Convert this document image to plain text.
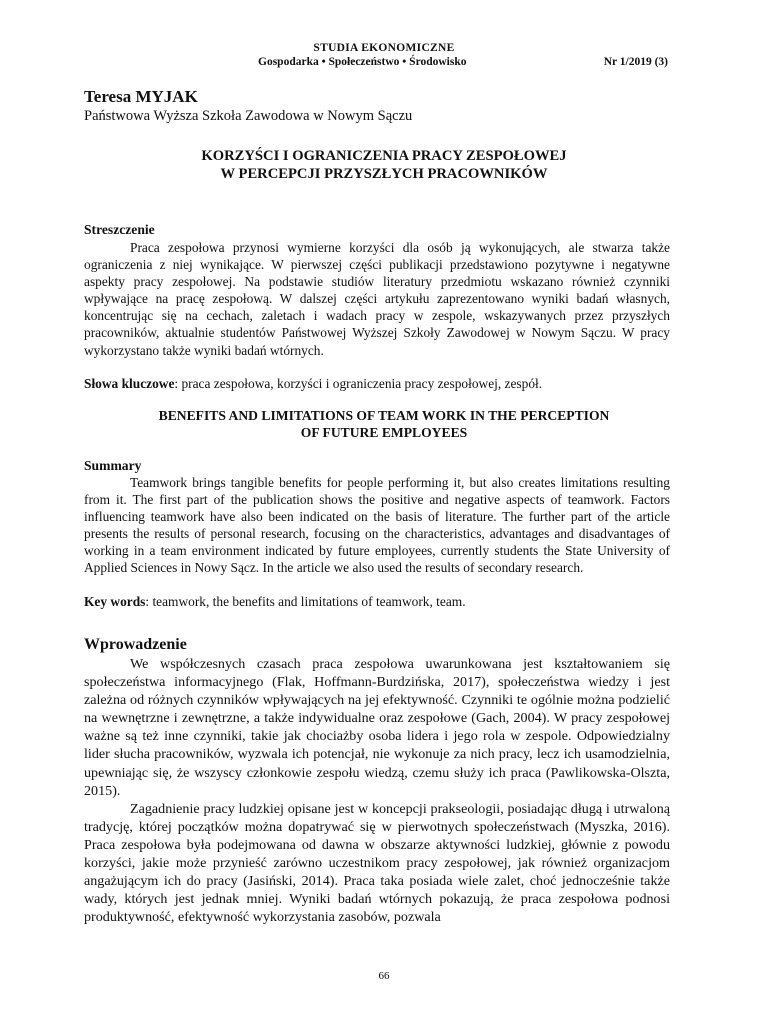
STUDIA EKONOMICZNE
Gospodarka • Społeczeństwo • Środowisko	Nr 1/2019 (3)
Teresa MYJAK
Państwowa Wyższa Szkoła Zawodowa w Nowym Sączu
KORZYŚCI I OGRANICZENIA PRACY ZESPOŁOWEJ
W PERCEPCJI PRZYSZŁYCH PRACOWNIKÓW
Streszczenie
Praca zespołowa przynosi wymierne korzyści dla osób ją wykonujących, ale stwarza także ograniczenia z niej wynikające. W pierwszej części publikacji przedstawiono pozytywne i negatywne aspekty pracy zespołowej. Na podstawie studiów literatury przedmiotu wskazano również czynniki wpływające na pracę zespołową. W dalszej części artykułu zaprezentowano wyniki badań własnych, koncentrując się na cechach, zaletach i wadach pracy w zespole, wskazywanych przez przyszłych pracowników, aktualnie studentów Państwowej Wyższej Szkoły Zawodowej w Nowym Sączu. W pracy wykorzystano także wyniki badań wtórnych.
Słowa kluczowe: praca zespołowa, korzyści i ograniczenia pracy zespołowej, zespół.
BENEFITS AND LIMITATIONS OF TEAM WORK IN THE PERCEPTION
OF FUTURE EMPLOYEES
Summary
Teamwork brings tangible benefits for people performing it, but also creates limitations resulting from it. The first part of the publication shows the positive and negative aspects of teamwork. Factors influencing teamwork have also been indicated on the basis of literature. The further part of the article presents the results of personal research, focusing on the characteristics, advantages and disadvantages of working in a team environment indicated by future employees, currently students the State University of Applied Sciences in Nowy Sącz. In the article we also used the results of secondary research.
Key words: teamwork, the benefits and limitations of teamwork, team.
Wprowadzenie

We współczesnych czasach praca zespołowa uwarunkowana jest kształtowaniem się społeczeństwa informacyjnego (Flak, Hoffmann-Burdzińska, 2017), społeczeństwa wiedzy i jest zależna od różnych czynników wpływających na jej efektywność. Czynniki te ogólnie można podzielić na wewnętrzne i zewnętrzne, a także indywidualne oraz zespołowe (Gach, 2004). W pracy zespołowej ważne są też inne czynniki, takie jak chociażby osoba lidera i jego rola w zespole. Odpowiedzialny lider słucha pracowników, wyzwala ich potencjał, nie wykonuje za nich pracy, lecz ich usamodzielnia, upewniając się, że wszyscy członkowie zespołu wiedzą, czemu służy ich praca (Pawlikowska-Olszta, 2015).

Zagadnienie pracy ludzkiej opisane jest w koncepcji prakseologii, posiadając długą i utrwaloną tradycję, której początków można dopatrywać się w pierwotnych społeczeństwach (Myszka, 2016). Praca zespołowa była podejmowana od dawna w obszarze aktywności ludzkiej, głównie z powodu korzyści, jakie może przynieść zarówno uczestnikom pracy zespołowej, jak również organizacjom angażującym ich do pracy (Jasiński, 2014). Praca taka posiada wiele zalet, choć jednocześnie także wady, których jest jednak mniej. Wyniki badań wtórnych pokazują, że praca zespołowa podnosi produktywność, efektywność wykorzystania zasobów, pozwala

66
